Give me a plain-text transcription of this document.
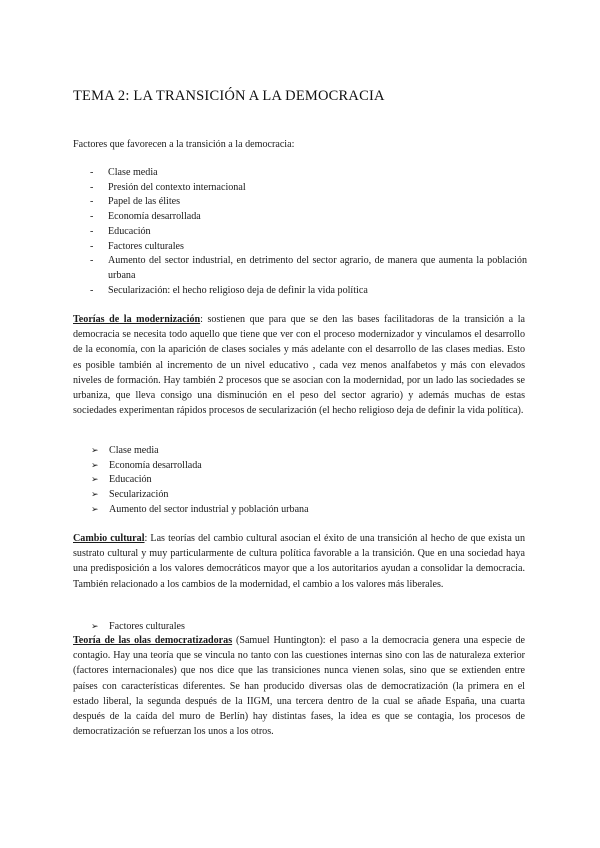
TEMA 2: LA TRANSICIÓN A LA DEMOCRACIA

Factores que favorecen a la transición a la democracia:

- Clase media
- Presión del contexto internacional
- Papel de las élites
- Economía desarrollada
- Educación
- Factores culturales
- Aumento del sector industrial, en detrimento del sector agrario, de manera que aumenta la población urbana
- Secularización: el hecho religioso deja de definir la vida política

Teorías de la modernización: sostienen que para que se den las bases facilitadoras de la transición a la democracia se necesita todo aquello que tiene que ver con el proceso modernizador y vinculamos el desarrollo de la economía, con la aparición de clases sociales y más adelante con el desarrollo de las clases medias. Esto es posible también al incremento de un nivel educativo , cada vez menos analfabetos y más con elevados niveles de formación. Hay también 2 procesos que se asocian con la modernidad, por un lado las sociedades se urbaniza, que lleva consigo una disminución en el peso del sector agrario) y además muchas de estas sociedades experimentan rápidos procesos de secularización (el hecho religioso deja de definir la vida política).

➢ Clase media
➢ Economía desarrollada
➢ Educación
➢ Secularización
➢ Aumento del sector industrial y población urbana

Cambio cultural: Las teorías del cambio cultural asocian el éxito de una transición al hecho de que exista un sustrato cultural y muy particularmente de cultura política favorable a la transición. Que en una sociedad haya una predisposición a los valores democráticos mayor que a los autoritarios ayudan a consolidar la democracia. También relacionado a los cambios de la modernidad, el cambio a los valores más liberales.

➢ Factores culturales

Teoría de las olas democratizadoras (Samuel Huntington): el paso a la democracia genera una especie de contagio. Hay una teoría que se vincula no tanto con las cuestiones internas sino con las de naturaleza exterior (factores internacionales) que nos dice que las transiciones nunca vienen solas, sino que se extienden entre países con características diferentes. Se han producido diversas olas de democratización (la primera en el estado liberal, la segunda después de la IIGM, una tercera dentro de la cual se añade España, una cuarta después de la caída del muro de Berlín) hay distintas fases, la idea es que se contagia, los procesos de democratización se refuerzan los unos a los otros.
